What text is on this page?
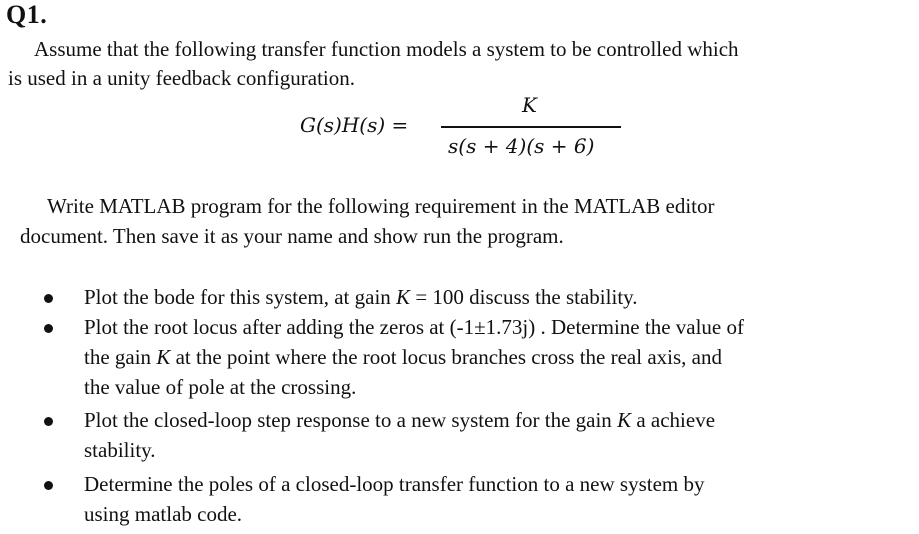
Q1.
Assume that the following transfer function models a system to be controlled which
is used in a unity feedback configuration.
G(s)H(s) =
K
s(s + 4)(s + 6)
Write MATLAB program for the following requirement in the MATLAB editor
document. Then save it as your name and show run the program.
Plot the bode for this system, at gain K = 100 discuss the stability.
Plot the root locus after adding the zeros at (-1±1.73j) . Determine the value of
the gain K at the point where the root locus branches cross the real axis, and
the value of pole at the crossing.
Plot the closed-loop step response to a new system for the gain K a achieve
stability.
Determine the poles of a closed-loop transfer function to a new system by
using matlab code.
